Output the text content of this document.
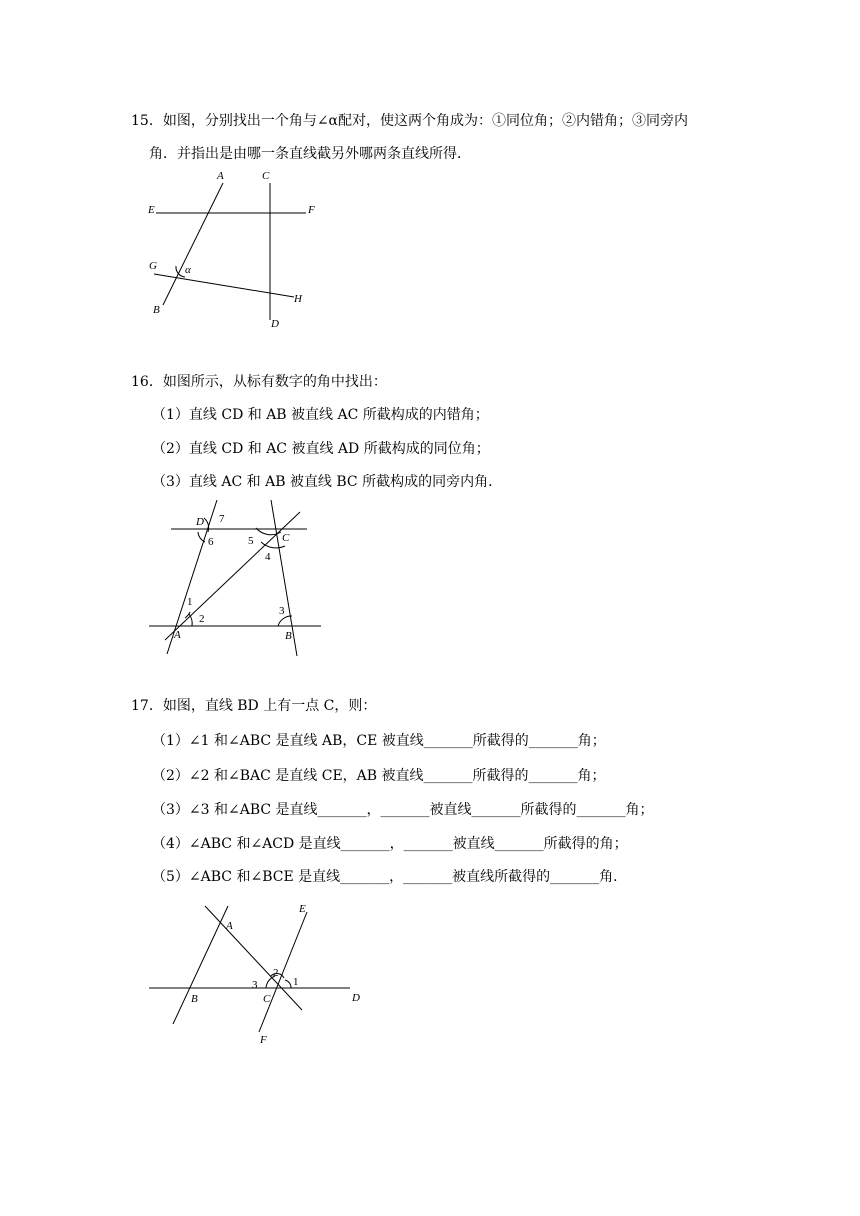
15．如图，分别找出一个角与∠α配对，使这两个角成为：①同位角；②内错角；③同旁内
角．并指出是由哪一条直线截另外哪两条直线所得．
A	C
E	F
G	α
H
B
D
16．如图所示，从标有数字的角中找出：
（1）直线 CD 和 AB 被直线 AC 所截构成的内错角；
（2）直线 CD 和 AC 被直线 AD 所截构成的同位角；
（3）直线 AC 和 AB 被直线 BC 所截构成的同旁内角．
D 7
6	5	C
4
1
2
A
3
B
17．如图，直线 BD 上有一点 C，则：
（1）∠1 和∠ABC 是直线 AB，CE 被直线_______所截得的_______角；
（2）∠2 和∠BAC 是直线 CE，AB 被直线_______所截得的_______角；
（3）∠3 和∠ABC 是直线_______，_______被直线_______所截得的_______角；
（4）∠ABC 和∠ACD 是直线_______，_______被直线_______所截得的角；
（5）∠ABC 和∠BCE 是直线_______，_______被直线所截得的_______角．
E
A
2
3	1
B	C	D
F
